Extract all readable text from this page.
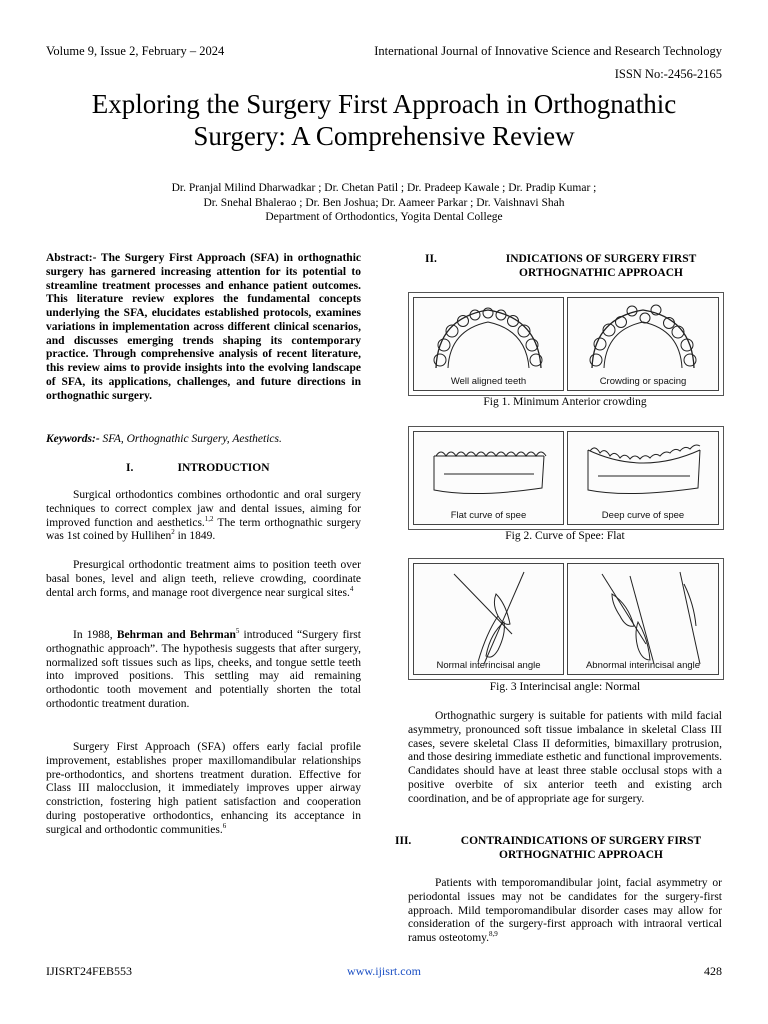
Volume 9, Issue 2, February – 2024	International Journal of Innovative Science and Research Technology
ISSN No:-2456-2165
Exploring the Surgery First Approach in Orthognathic
Surgery: A Comprehensive Review
Dr. Pranjal Milind Dharwadkar ; Dr. Chetan Patil ; Dr. Pradeep Kawale ; Dr. Pradip Kumar ;
Dr. Snehal Bhalerao ; Dr. Ben Joshua; Dr. Aameer Parkar ; Dr. Vaishnavi Shah
Department of Orthodontics, Yogita Dental College

Abstract:- The Surgery First Approach (SFA) in orthognathic surgery has garnered increasing attention for its potential to streamline treatment processes and enhance patient outcomes. This literature review explores the fundamental concepts underlying the SFA, elucidates established protocols, examines variations in implementation across different clinical scenarios, and discusses emerging trends shaping its contemporary practice. Through comprehensive analysis of recent literature, this review aims to provide insights into the evolving landscape of SFA, its applications, challenges, and future directions in orthognathic surgery.

Keywords:- SFA, Orthognathic Surgery, Aesthetics.

I.	INTRODUCTION

Surgical orthodontics combines orthodontic and oral surgery techniques to correct complex jaw and dental issues, aiming for improved function and aesthetics.$^{1,2}$ The term orthognathic surgery was 1st coined by Hullihen$^2$ in 1849.

Presurgical orthodontic treatment aims to position teeth over basal bones, level and align teeth, relieve crowding, coordinate dental arch forms, and manage root divergence near surgical sites.$^4$

In 1988, Behrman and Behrman$^5$ introduced “Surgery first orthognathic approach”. The hypothesis suggests that after surgery, normalized soft tissues such as lips, cheeks, and tongue settle teeth into improved positions. This settling may aid remaining orthodontic tooth movement and potentially shorten the total orthodontic treatment duration.

Surgery First Approach (SFA) offers early facial profile improvement, establishes proper maxillomandibular relationships pre-orthodontics, and shortens treatment duration. Effective for Class III malocclusion, it immediately improves upper airway constriction, fostering high patient satisfaction and cooperation during postoperative orthodontics, enhancing its acceptance in surgical and orthodontic communities.$^6$

II.	INDICATIONS OF SURGERY FIRST
ORTHOGNATHIC APPROACH
Well aligned teeth	Crowding or spacing
Fig 1. Minimum Anterior crowding
Flat curve of spee	Deep curve of spee
Fig 2. Curve of Spee: Flat
Normal interincisal angle	Abnormal interincisal angle
Fig. 3 Interincisal angle: Normal

Orthognathic surgery is suitable for patients with mild facial asymmetry, pronounced soft tissue imbalance in skeletal Class III cases, severe skeletal Class II deformities, bimaxillary protrusion, and those desiring immediate esthetic and functional improvements. Candidates should have at least three stable occlusal stops with a positive overbite of six anterior teeth and existing arch coordination, and be of appropriate age for surgery.

III.	CONTRAINDICATIONS OF SURGERY FIRST
ORTHOGNATHIC APPROACH

Patients with temporomandibular joint, facial asymmetry or periodontal issues may not be candidates for the surgery-first approach. Mild temporomandibular disorder cases may allow for consideration of the surgery-first approach with intraoral vertical ramus osteotomy.$^{8,9}$

IJISRT24FEB553	www.ijisrt.com	428
